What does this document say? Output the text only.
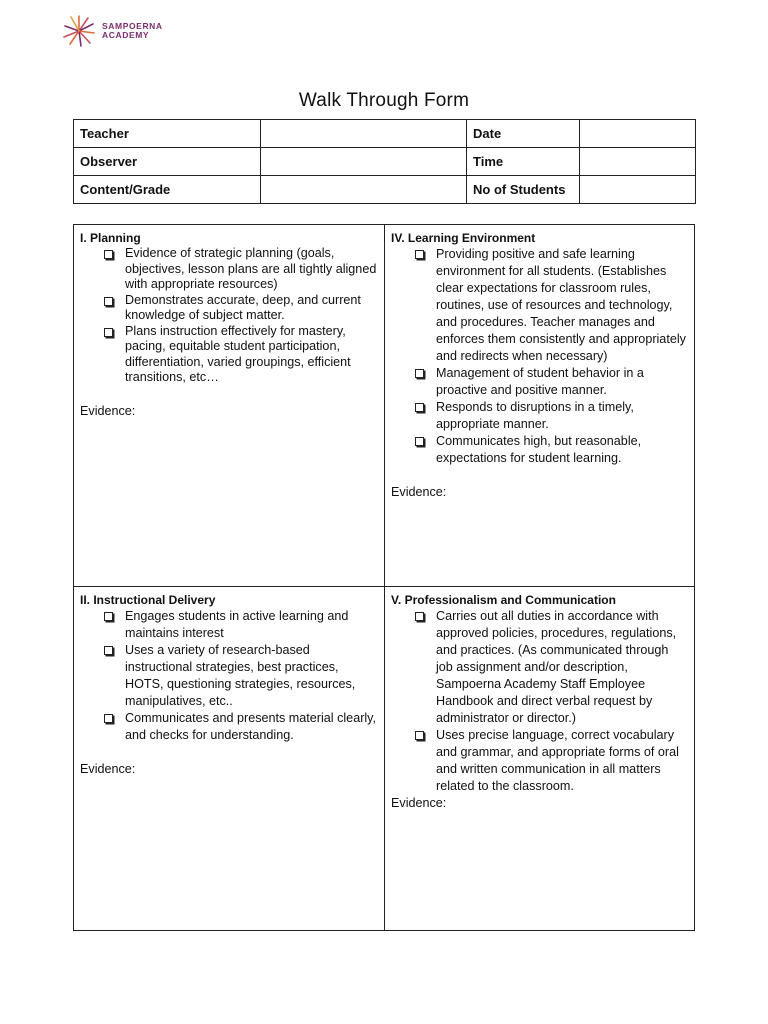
SAMPOERNA
ACADEMY
Walk Through Form
Teacher		Date	
Observer		Time	
Content/Grade		No of Students	
I. Planning
Evidence of strategic planning (goals, objectives, lesson plans are all tightly aligned with appropriate resources)
Demonstrates accurate, deep, and current knowledge of subject matter.
Plans instruction effectively for mastery, pacing, equitable student participation, differentiation, varied groupings, efficient transitions, etc…
Evidence:
IV. Learning Environment
Providing positive and safe learning environment for all students. (Establishes clear expectations for classroom rules, routines, use of resources and technology, and procedures. Teacher manages and enforces them consistently and appropriately and redirects when necessary)
Management of student behavior in a proactive and positive manner.
Responds to disruptions in a timely, appropriate manner.
Communicates high, but reasonable, expectations for student learning.
Evidence:
II. Instructional Delivery
Engages students in active learning and maintains interest
Uses a variety of research-based instructional strategies, best practices, HOTS, questioning strategies, resources, manipulatives, etc..
Communicates and presents material clearly, and checks for understanding.
Evidence:
V. Professionalism and Communication
Carries out all duties in accordance with approved policies, procedures, regulations, and practices. (As communicated through job assignment and/or description, Sampoerna Academy Staff Employee Handbook and direct verbal request by administrator or director.)
Uses precise language, correct vocabulary and grammar, and appropriate forms of oral and written communication in all matters related to the classroom.
Evidence:
